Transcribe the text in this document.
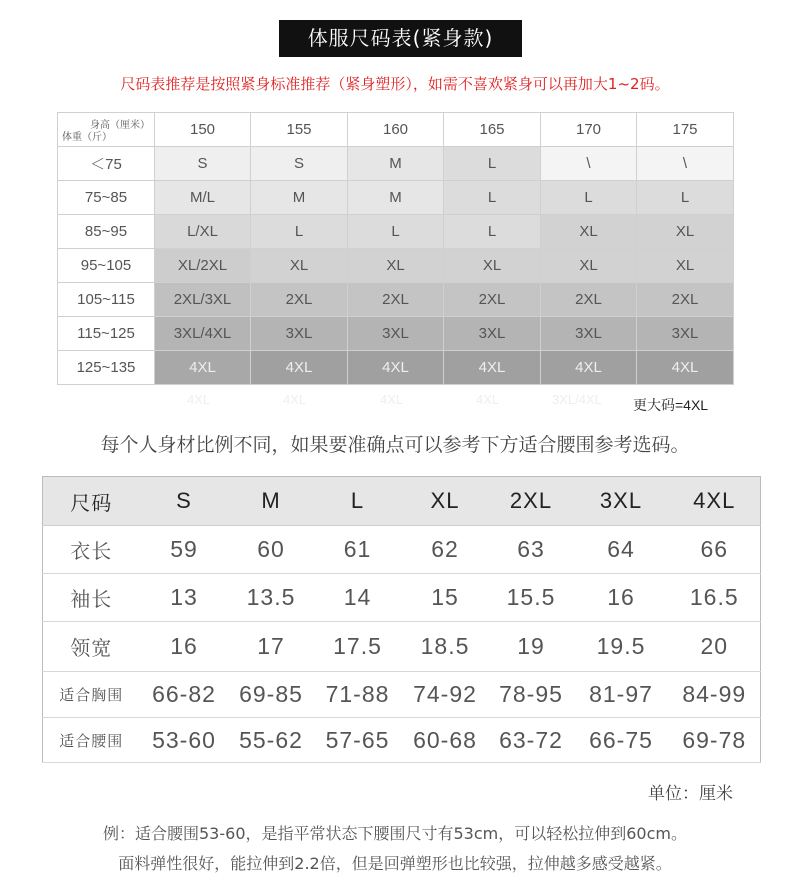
体服尺码表(紧身款)
尺码表推荐是按照紧身标准推荐（紧身塑形），如需不喜欢紧身可以再加大1~2码。
身高（厘米）
体重（斤）	150	155	160	165	170	175
＜75	S	S	M	L	\	\
75~85	M/L	M	M	L	L	L
85~95	L/XL	L	L	L	XL	XL
95~105	XL/2XL	XL	XL	XL	XL	XL
105~115	2XL/3XL	2XL	2XL	2XL	2XL	2XL
115~125	3XL/4XL	3XL	3XL	3XL	3XL	3XL
125~135	4XL	4XL	4XL	4XL	4XL	4XL
4XL	4XL	4XL	4XL	3XL/4XL 更大码=4XL
每个人身材比例不同，如果要准确点可以参考下方适合腰围参考选码。
尺码	S	M	L	XL	2XL	3XL	4XL
衣长	59	60	61	62	63	64	66
袖长	13	13.5	14	15	15.5	16	16.5
领宽	16	17	17.5	18.5	19	19.5	20
适合胸围	66-82	69-85	71-88	74-92	78-95	81-97	84-99
适合腰围	53-60	55-62	57-65	60-68	63-72	66-75	69-78
单位：厘米
例：适合腰围53-60，是指平常状态下腰围尺寸有53cm，可以轻松拉伸到60cm。
面料弹性很好，能拉伸到2.2倍，但是回弹塑形也比较强，拉伸越多感受越紧。
